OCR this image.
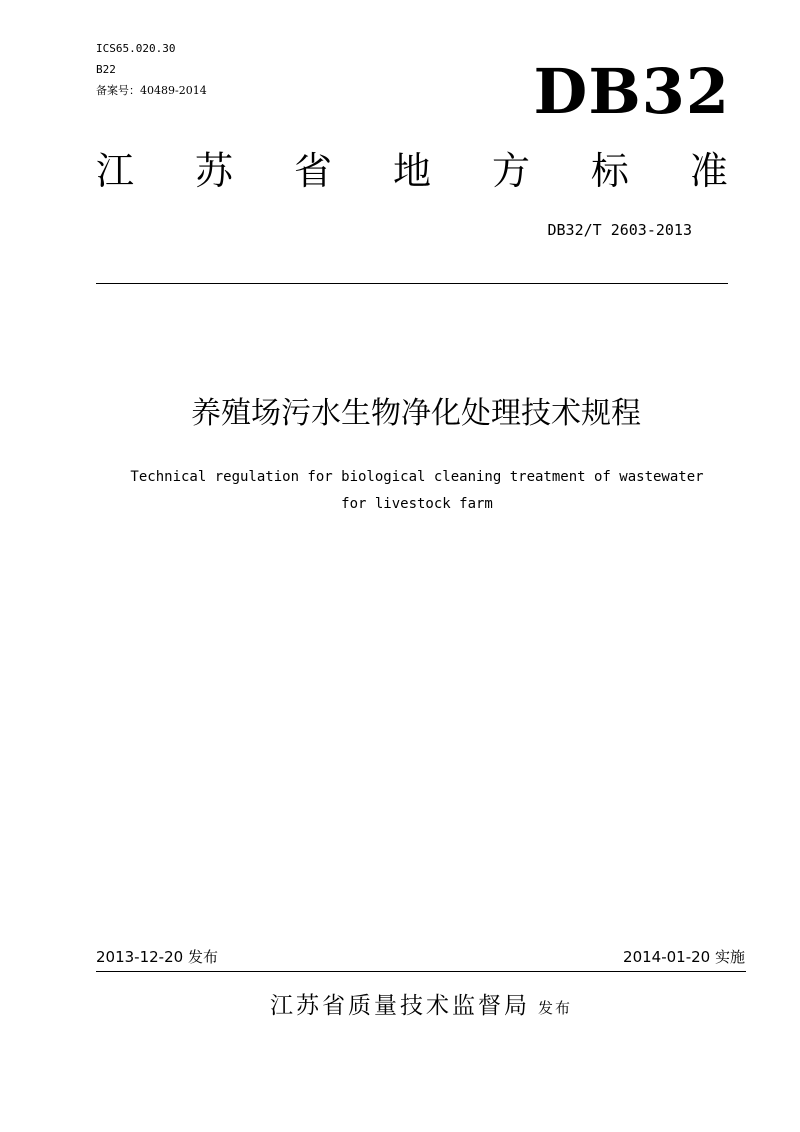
ICS65.020.30
B22
备案号：40489-2014	DB32
江 苏 省 地 方 标 准
DB32/T 2603-2013
养殖场污水生物净化处理技术规程
Technical regulation for biological cleaning treatment of wastewater
for livestock farm
2013-12-20 发布	2014-01-20 实施
江苏省质量技术监督局 发布
